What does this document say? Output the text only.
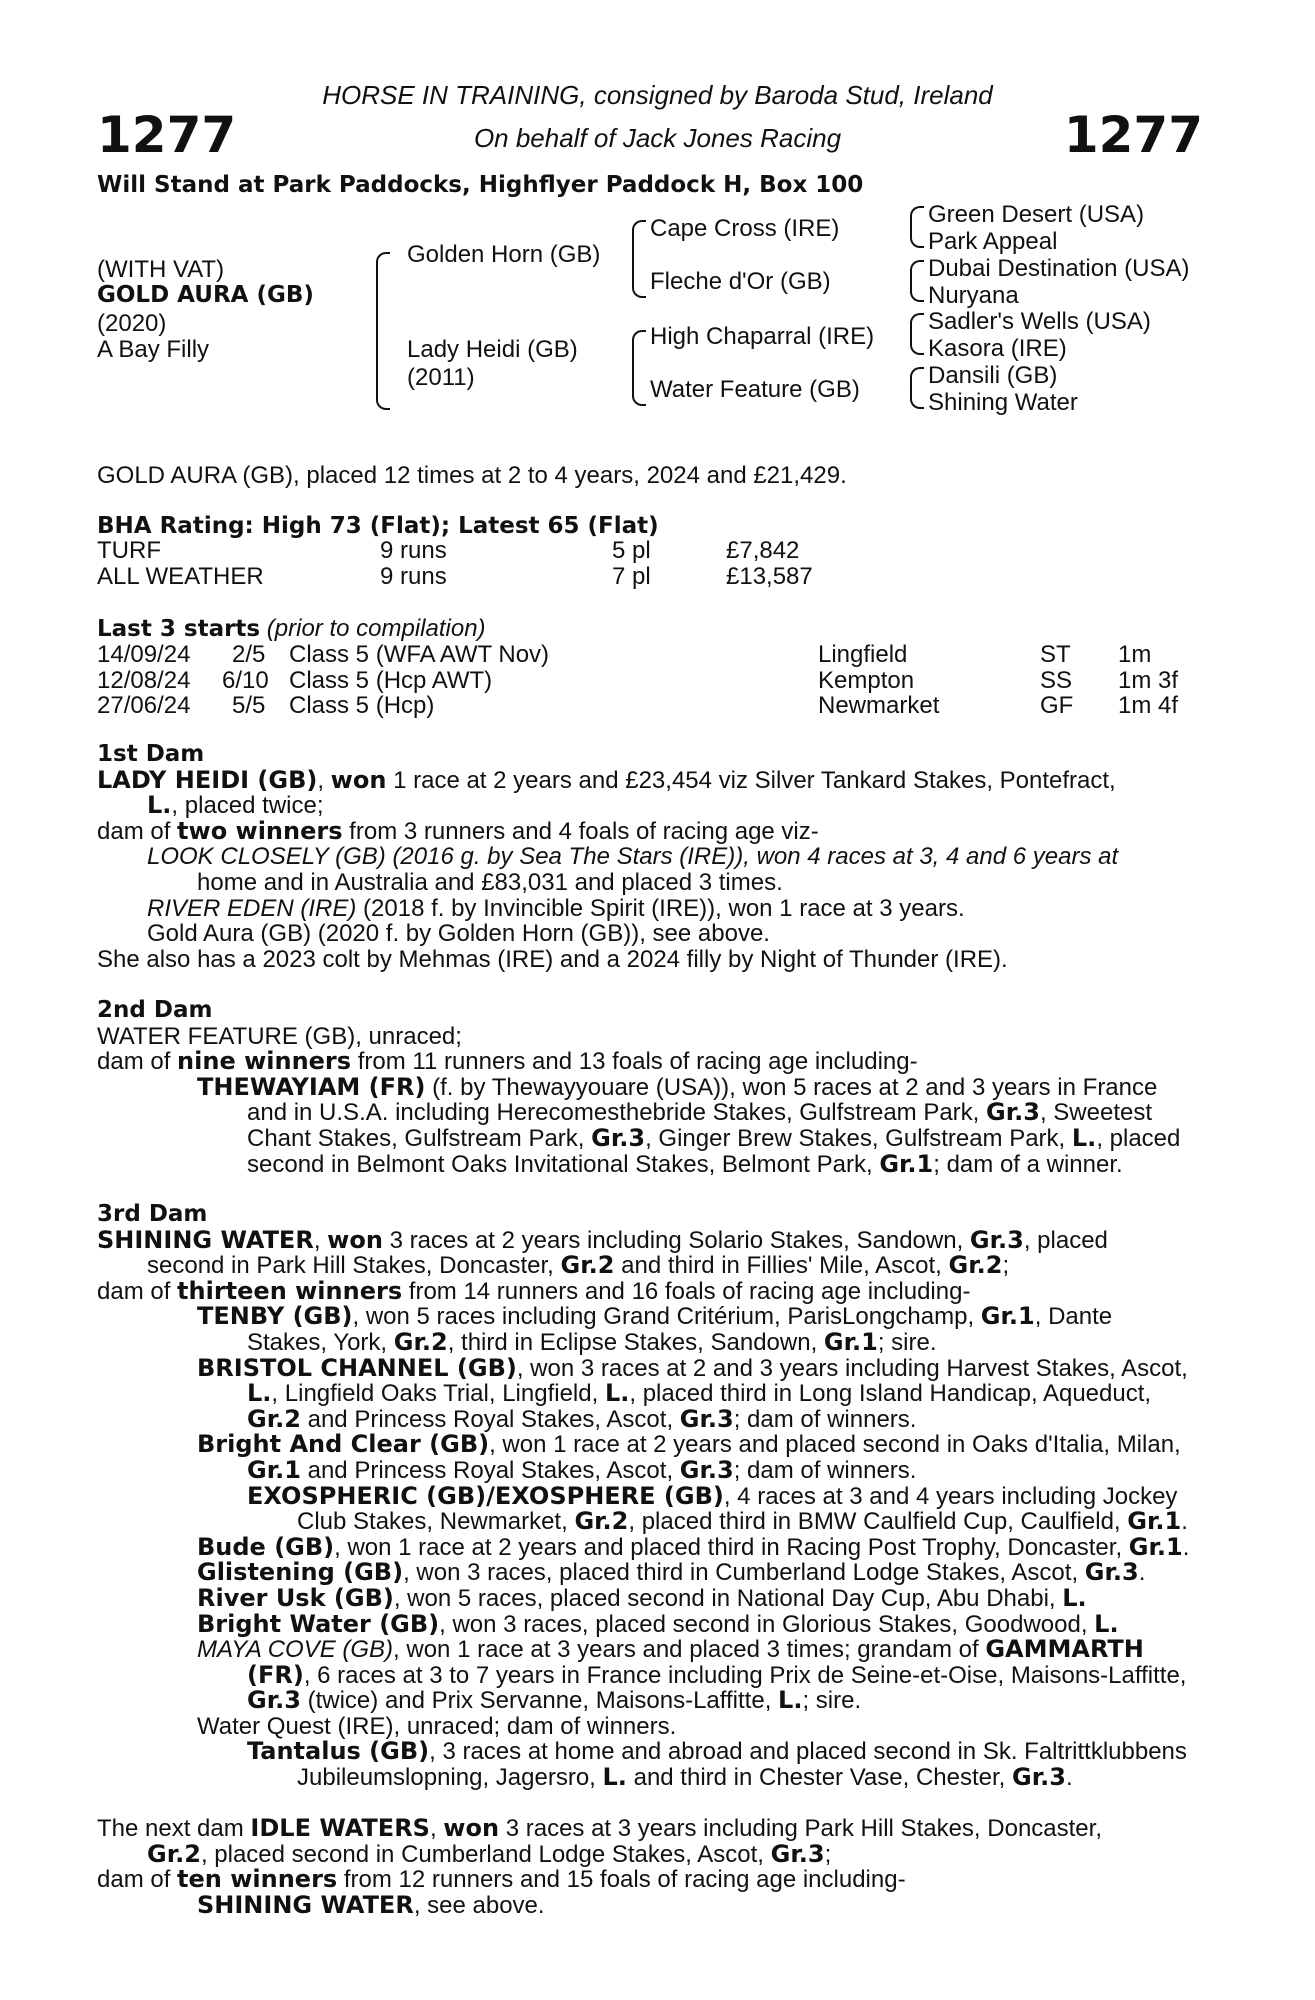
HORSE IN TRAINING, consigned by Baroda Stud, Ireland
On behalf of Jack Jones Racing
1277	1277
Will Stand at Park Paddocks, Highflyer Paddock H, Box 100
(WITH VAT)
GOLD AURA (GB)
(2020)
A Bay Filly
Golden Horn (GB)
Lady Heidi (GB)
(2011)
Cape Cross (IRE)
Fleche d'Or (GB)
High Chaparral (IRE)
Water Feature (GB)
Green Desert (USA)
Park Appeal
Dubai Destination (USA)
Nuryana
Sadler's Wells (USA)
Kasora (IRE)
Dansili (GB)
Shining Water
GOLD AURA (GB), placed 12 times at 2 to 4 years, 2024 and £21,429.
BHA Rating: High 73 (Flat); Latest 65 (Flat)
TURF	9 runs	5 pl	£7,842
ALL WEATHER	9 runs	7 pl	£13,587
Last 3 starts (prior to compilation)
14/09/24 2/5 Class 5 (WFA AWT Nov)	Lingfield	ST 1m
12/08/24 6/10 Class 5 (Hcp AWT)	Kempton	SS 1m 3f
27/06/24 5/5 Class 5 (Hcp)	Newmarket	GF 1m 4f
1st Dam
LADY HEIDI (GB), won 1 race at 2 years and £23,454 viz Silver Tankard Stakes, Pontefract,
L., placed twice;
dam of two winners from 3 runners and 4 foals of racing age viz-
LOOK CLOSELY (GB) (2016 g. by Sea The Stars (IRE)), won 4 races at 3, 4 and 6 years at
home and in Australia and £83,031 and placed 3 times.
RIVER EDEN (IRE) (2018 f. by Invincible Spirit (IRE)), won 1 race at 3 years.
Gold Aura (GB) (2020 f. by Golden Horn (GB)), see above.
She also has a 2023 colt by Mehmas (IRE) and a 2024 filly by Night of Thunder (IRE).
2nd Dam
WATER FEATURE (GB), unraced;
dam of nine winners from 11 runners and 13 foals of racing age including-
THEWAYIAM (FR) (f. by Thewayyouare (USA)), won 5 races at 2 and 3 years in France
and in U.S.A. including Herecomesthebride Stakes, Gulfstream Park, Gr.3, Sweetest
Chant Stakes, Gulfstream Park, Gr.3, Ginger Brew Stakes, Gulfstream Park, L., placed
second in Belmont Oaks Invitational Stakes, Belmont Park, Gr.1; dam of a winner.
3rd Dam
SHINING WATER, won 3 races at 2 years including Solario Stakes, Sandown, Gr.3, placed
second in Park Hill Stakes, Doncaster, Gr.2 and third in Fillies' Mile, Ascot, Gr.2;
dam of thirteen winners from 14 runners and 16 foals of racing age including-
TENBY (GB), won 5 races including Grand Critérium, ParisLongchamp, Gr.1, Dante
Stakes, York, Gr.2, third in Eclipse Stakes, Sandown, Gr.1; sire.
BRISTOL CHANNEL (GB), won 3 races at 2 and 3 years including Harvest Stakes, Ascot,
L., Lingfield Oaks Trial, Lingfield, L., placed third in Long Island Handicap, Aqueduct,
Gr.2 and Princess Royal Stakes, Ascot, Gr.3; dam of winners.
Bright And Clear (GB), won 1 race at 2 years and placed second in Oaks d'Italia, Milan,
Gr.1 and Princess Royal Stakes, Ascot, Gr.3; dam of winners.
EXOSPHERIC (GB)/EXOSPHERE (GB), 4 races at 3 and 4 years including Jockey
Club Stakes, Newmarket, Gr.2, placed third in BMW Caulfield Cup, Caulfield, Gr.1.
Bude (GB), won 1 race at 2 years and placed third in Racing Post Trophy, Doncaster, Gr.1.
Glistening (GB), won 3 races, placed third in Cumberland Lodge Stakes, Ascot, Gr.3.
River Usk (GB), won 5 races, placed second in National Day Cup, Abu Dhabi, L.
Bright Water (GB), won 3 races, placed second in Glorious Stakes, Goodwood, L.
MAYA COVE (GB), won 1 race at 3 years and placed 3 times; grandam of GAMMARTH
(FR), 6 races at 3 to 7 years in France including Prix de Seine-et-Oise, Maisons-Laffitte,
Gr.3 (twice) and Prix Servanne, Maisons-Laffitte, L.; sire.
Water Quest (IRE), unraced; dam of winners.
Tantalus (GB), 3 races at home and abroad and placed second in Sk. Faltrittklubbens
Jubileumslopning, Jagersro, L. and third in Chester Vase, Chester, Gr.3.
The next dam IDLE WATERS, won 3 races at 3 years including Park Hill Stakes, Doncaster,
Gr.2, placed second in Cumberland Lodge Stakes, Ascot, Gr.3;
dam of ten winners from 12 runners and 15 foals of racing age including-
SHINING WATER, see above.
